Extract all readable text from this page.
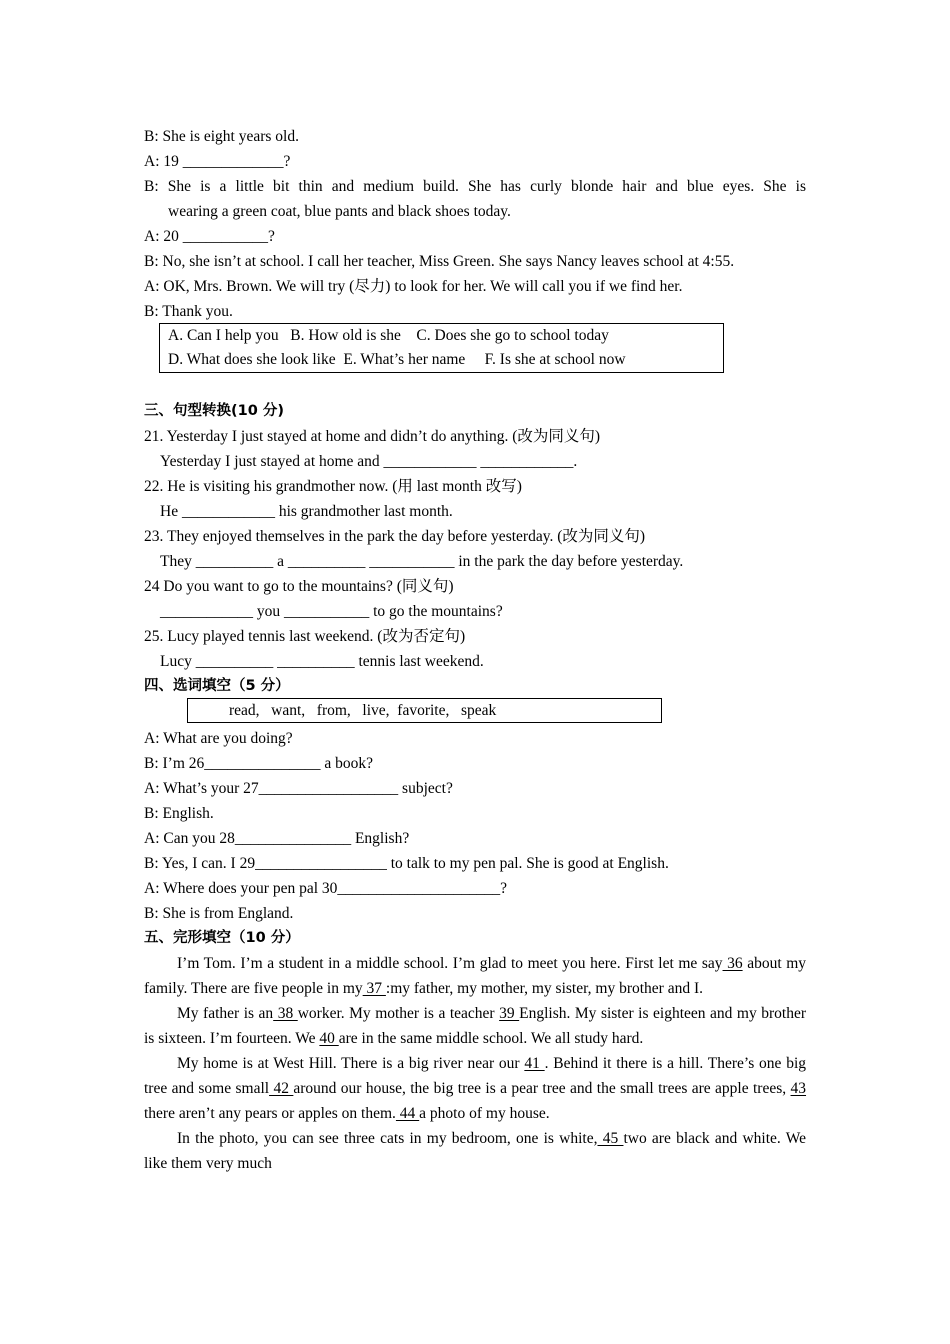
B: She is eight years old.
A: 19 _____________?
B: She is a little bit thin and medium build. She has curly blonde hair and blue eyes. She is
wearing a green coat, blue pants and black shoes today.
A: 20 ___________?
B: No, she isn’t at school. I call her teacher, Miss Green. She says Nancy leaves school at 4:55.
A: OK, Mrs. Brown. We will try (尽力) to look for her. We will call you if we find her.
B: Thank you.
三、句型转换(10 分)
21. Yesterday I just stayed at home and didn’t do anything. (改为同义句)
Yesterday I just stayed at home and ____________ ____________.
22. He is visiting his grandmother now. (用 last month 改写)
He ____________ his grandmother last month.
23. They enjoyed themselves in the park the day before yesterday. (改为同义句)
They __________ a __________ ___________ in the park the day before yesterday.
24 Do you want to go to the mountains? (同义句)
____________ you ___________ to go the mountains?
25. Lucy played tennis last weekend. (改为否定句)
Lucy __________ __________ tennis last weekend.
四、选词填空（5 分）
A: What are you doing?
B: I’m 26_______________ a book?
A: What’s your 27__________________ subject?
B: English.
A: Can you 28_______________ English?
B: Yes, I can. I 29_________________ to talk to my pen pal. She is good at English.
A: Where does your pen pal 30_____________________?
B: She is from England.
五、完形填空（10 分）
I’m Tom. I’m a student in a middle school. I’m glad to meet you here. First let me say 36 about my family. There are five people in my 37 :my father, my mother, my sister, my brother and I.
My father is an 38 worker. My mother is a teacher 39 English. My sister is eighteen and my brother is sixteen. I’m fourteen. We 40 are in the same middle school. We all study hard.
My home is at West Hill. There is a big river near our 41 . Behind it there is a hill. There’s one big tree and some small 42 around our house, the big tree is a pear tree and the small trees are apple trees, 43 there aren’t any pears or apples on them. 44 a photo of my house.
In the photo, you can see three cats in my bedroom, one is white, 45 two are black and white. We like them very much
A. Can I help you   B. How old is she    C. Does she go to school today
D. What does she look like  E. What’s her name     F. Is she at school now
read,   want,   from,   live,  favorite,   speak
